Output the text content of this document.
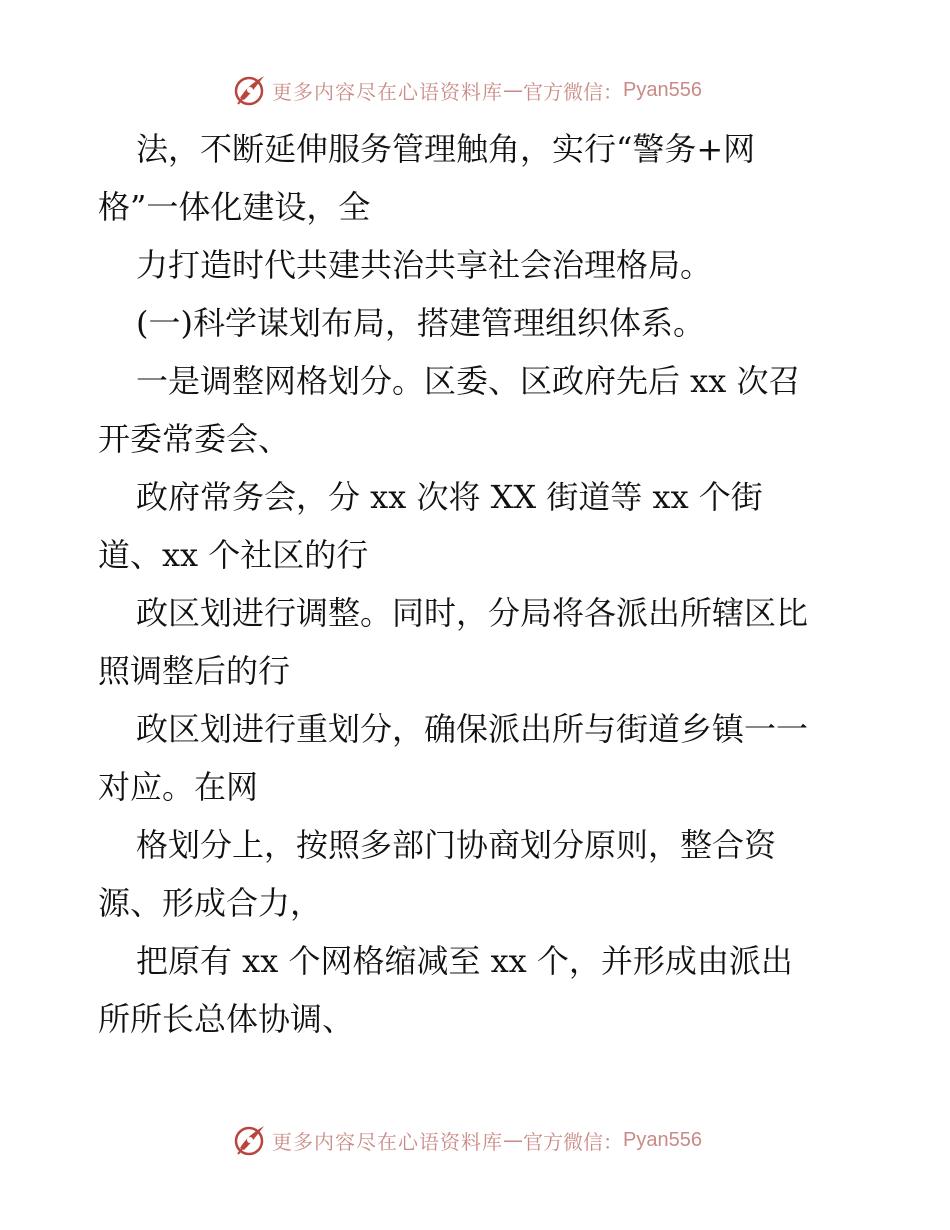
更多内容尽在心语资料库 — 官方微信： Pyan556
法，不断延伸服务管理触角，实行“警务+网
格”一体化建设，全
力打造时代共建共治共享社会治理格局。
(一)科学谋划布局，搭建管理组织体系。
一是调整网格划分。区委、区政府先后 xx 次召
开委常委会、
政府常务会，分 xx 次将 XX 街道等 xx 个街
道、xx 个社区的行
政区划进行调整。同时，分局将各派出所辖区比
照调整后的行
政区划进行重划分，确保派出所与街道乡镇一一
对应。在网
格划分上，按照多部门协商划分原则，整合资
源、形成合力，
把原有 xx 个网格缩减至 xx 个，并形成由派出
所所长总体协调、
更多内容尽在心语资料库 — 官方微信： Pyan556
